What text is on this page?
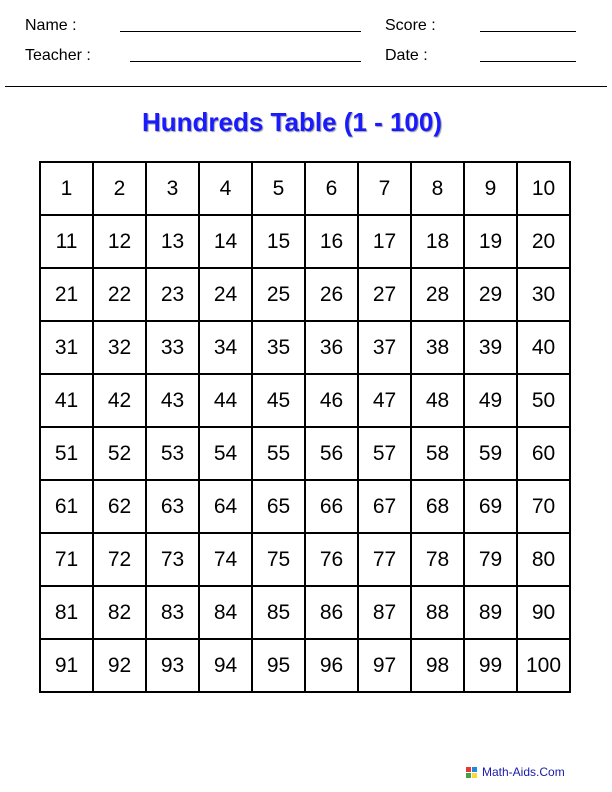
Name :	Score :
Teacher :	Date :
Hundreds Table (1 - 100)
1	2	3	4	5	6	7	8	9	10
11	12	13	14	15	16	17	18	19	20
21	22	23	24	25	26	27	28	29	30
31	32	33	34	35	36	37	38	39	40
41	42	43	44	45	46	47	48	49	50
51	52	53	54	55	56	57	58	59	60
61	62	63	64	65	66	67	68	69	70
71	72	73	74	75	76	77	78	79	80
81	82	83	84	85	86	87	88	89	90
91	92	93	94	95	96	97	98	99	100
Math-Aids.Com
